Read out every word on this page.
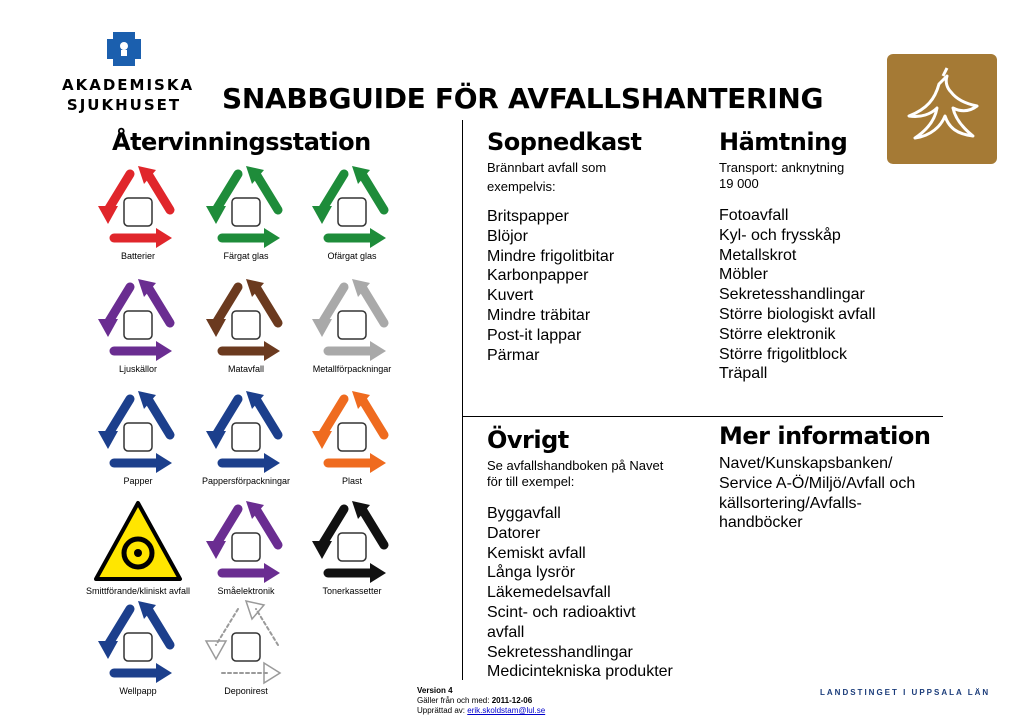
AKADEMISKA
SJUKHUSET SNABBGUIDE FÖR AVFALLSHANTERING
Återvinningsstation
Batterier	Färgat glas	Ofärgat glas
Ljuskällor	Matavfall	Metallförpackningar
Papper	Pappersförpackningar	Plast
Smittförande/kliniskt avfall	Småelektronik	Tonerkassetter
Wellpapp	Deponirest
Sopnedkast
Brännbart avfall som
exempelvis:
Britspapper
Blöjor
Mindre frigolitbitar
Karbonpapper
Kuvert
Mindre träbitar
Post-it lappar
Pärmar
Hämtning
Transport: anknytning
19 000
Fotoavfall
Kyl- och frysskåp
Metallskrot
Möbler
Sekretesshandlingar
Större biologiskt avfall
Större elektronik
Större frigolitblock
Träpall
Övrigt
Se avfallshandboken på Navet
för till exempel:
Byggavfall
Datorer
Kemiskt avfall
Långa lysrör
Läkemedelsavfall
Scint- och radioaktivt
avfall
Sekretesshandlingar
Medicintekniska produkter
Mer information
Navet/Kunskapsbanken/
Service A-Ö/Miljö/Avfall och
källsortering/Avfalls-
handböcker
Version 4
Gäller från och med: 2011-12-06
Upprättad av: erik.skoldstam@lul.se
LANDSTINGET I UPPSALA LÄN
